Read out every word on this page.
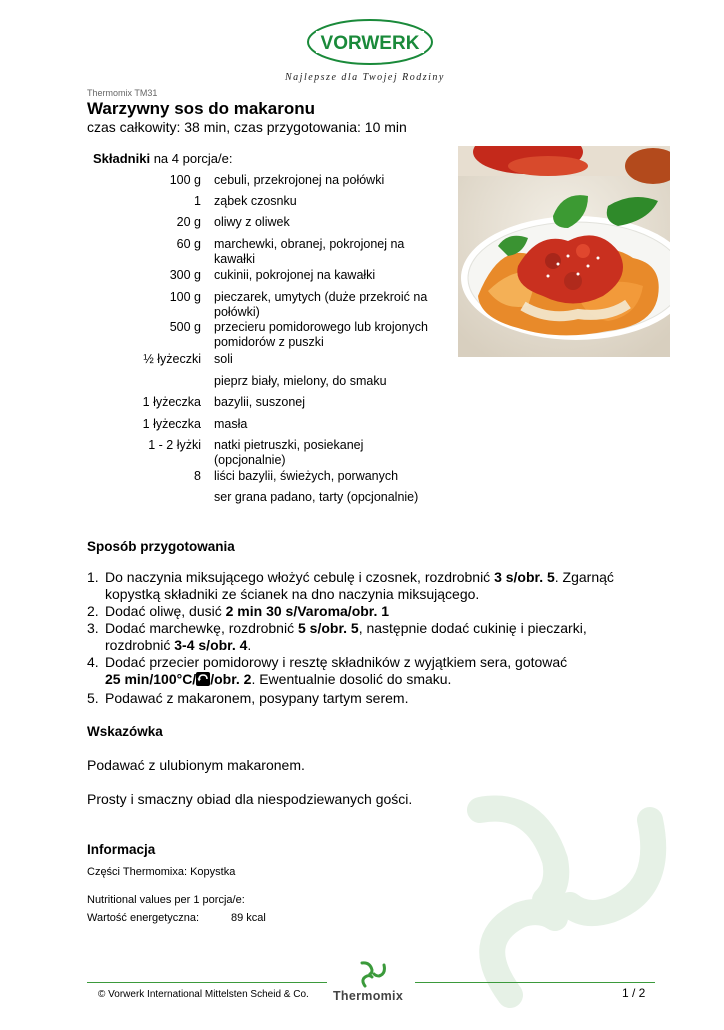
VORWERK
Najlepsze dla Twojej Rodziny
Thermomix TM31
Warzywny sos do makaronu
czas całkowity: 38 min, czas przygotowania: 10 min
Składniki na 4 porcja/e:
100 g cebuli, przekrojonej na połówki
1 ząbek czosnku
20 g oliwy z oliwek
60 g marchewki, obranej, pokrojonej na kawałki
300 g cukinii, pokrojonej na kawałki
100 g pieczarek, umytych (duże przekroić na połówki)
500 g przecieru pomidorowego lub krojonych pomidorów z puszki
½ łyżeczki soli
pieprz biały, mielony, do smaku
1 łyżeczka bazylii, suszonej
1 łyżeczka masła
1 - 2 łyżki natki pietruszki, posiekanej (opcjonalnie)
8 liści bazylii, świeżych, porwanych
ser grana padano, tarty (opcjonalnie)
Sposób przygotowania
1. Do naczynia miksującego włożyć cebulę i czosnek, rozdrobnić 3 s/obr. 5. Zgarnąć kopystką składniki ze ścianek na dno naczynia miksującego.
2. Dodać oliwę, dusić 2 min 30 s/Varoma/obr. 1
3. Dodać marchewkę, rozdrobnić 5 s/obr. 5, następnie dodać cukinię i pieczarki, rozdrobnić 3-4 s/obr. 4.
4. Dodać przecier pomidorowy i resztę składników z wyjątkiem sera, gotować
25 min/100°C/ /obr. 2. Ewentualnie dosolić do smaku.
5. Podawać z makaronem, posypany tartym serem.
Wskazówka
Podawać z ulubionym makaronem.
Prosty i smaczny obiad dla niespodziewanych gości.
Informacja
Części Thermomixa: Kopystka
Nutritional values per 1 porcja/e:
Wartość energetyczna:	89 kcal
© Vorwerk International Mittelsten Scheid & Co. Thermomix	1 / 2
